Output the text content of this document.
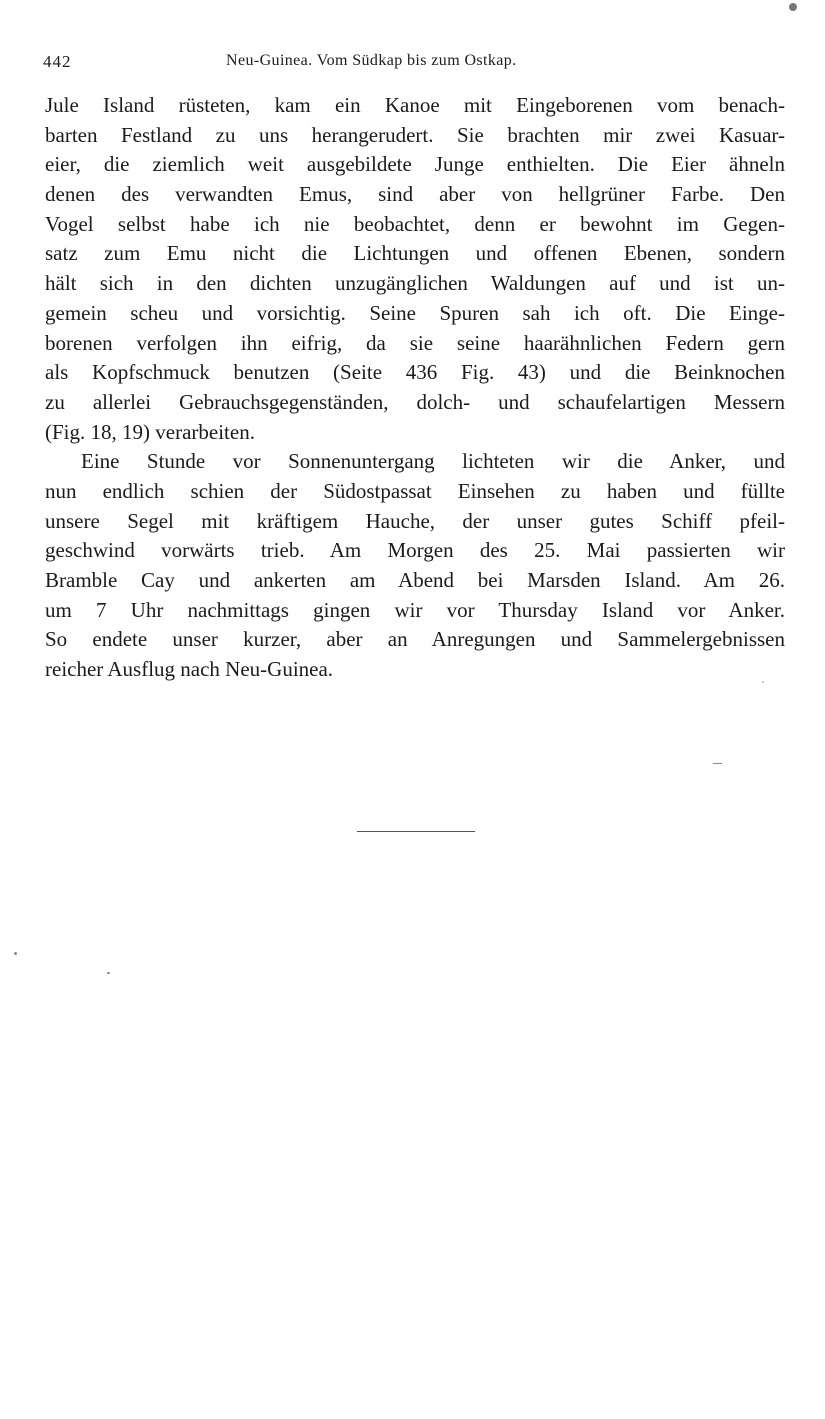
442	Neu-Guinea. Vom Südkap bis zum Ostkap.
Jule Island rüsteten, kam ein Kanoe mit Eingeborenen vom benach-
barten Festland zu uns herangerudert. Sie brachten mir zwei Kasuar-
eier, die ziemlich weit ausgebildete Junge enthielten. Die Eier ähneln
denen des verwandten Emus, sind aber von hellgrüner Farbe. Den
Vogel selbst habe ich nie beobachtet, denn er bewohnt im Gegen-
satz zum Emu nicht die Lichtungen und offenen Ebenen, sondern
hält sich in den dichten unzugänglichen Waldungen auf und ist un-
gemein scheu und vorsichtig. Seine Spuren sah ich oft. Die Einge-
borenen verfolgen ihn eifrig, da sie seine haarähnlichen Federn gern
als Kopfschmuck benutzen (Seite 436 Fig. 43) und die Beinknochen
zu allerlei Gebrauchsgegenständen, dolch- und schaufelartigen Messern
(Fig. 18, 19) verarbeiten.
Eine Stunde vor Sonnenuntergang lichteten wir die Anker, und
nun endlich schien der Südostpassat Einsehen zu haben und füllte
unsere Segel mit kräftigem Hauche, der unser gutes Schiff pfeil-
geschwind vorwärts trieb. Am Morgen des 25. Mai passierten wir
Bramble Cay und ankerten am Abend bei Marsden Island. Am 26.
um 7 Uhr nachmittags gingen wir vor Thursday Island vor Anker.
So endete unser kurzer, aber an Anregungen und Sammelergebnissen
reicher Ausflug nach Neu-Guinea.
